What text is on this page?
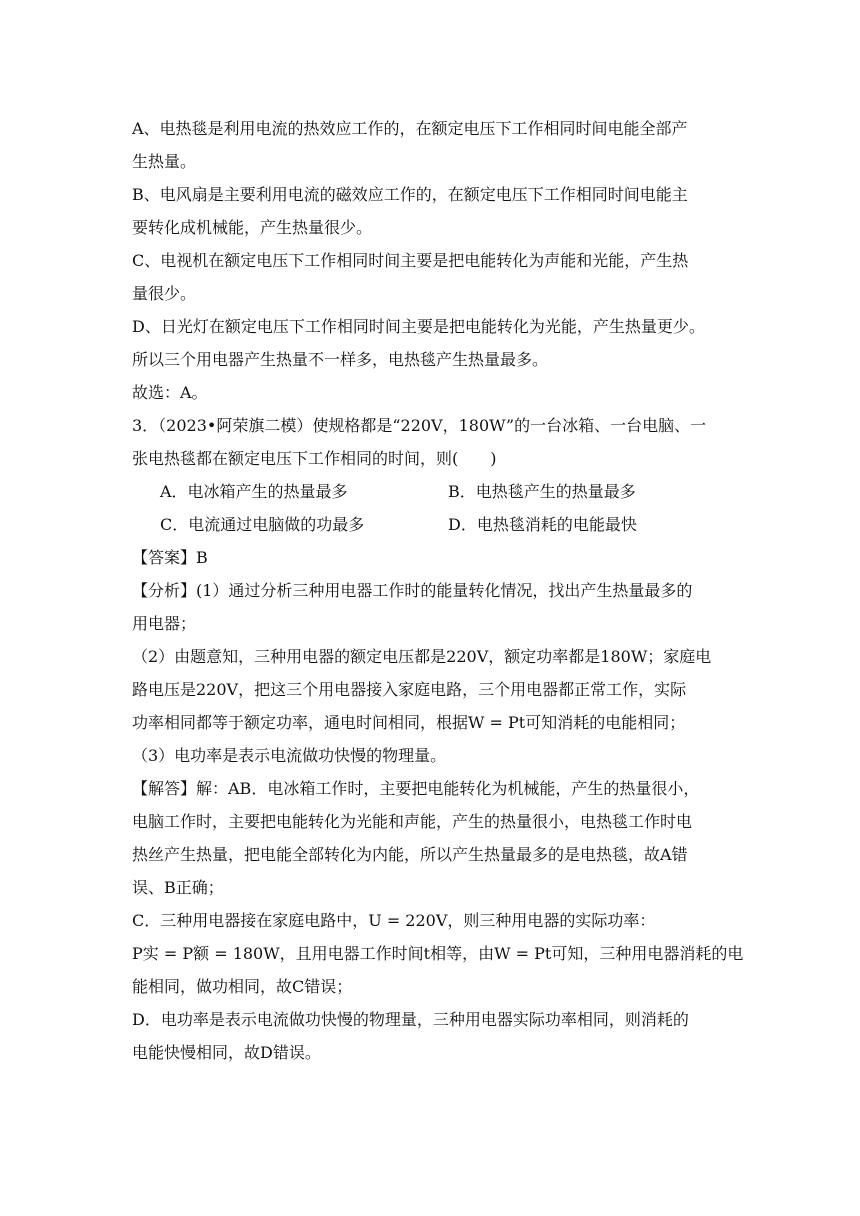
A、电热毯是利用电流的热效应工作的，在额定电压下工作相同时间电能全部产
生热量。
B、电风扇是主要利用电流的磁效应工作的，在额定电压下工作相同时间电能主
要转化成机械能，产生热量很少。
C、电视机在额定电压下工作相同时间主要是把电能转化为声能和光能，产生热
量很少。
D、日光灯在额定电压下工作相同时间主要是把电能转化为光能，产生热量更少。
所以三个用电器产生热量不一样多，电热毯产生热量最多。
故选：A。
3．（2023•阿荣旗二模）使规格都是“220V，180W”的一台冰箱、一台电脑、一
张电热毯都在额定电压下工作相同的时间，则(　　)
A．电冰箱产生的热量最多	B．电热毯产生的热量最多
C．电流通过电脑做的功最多	D．电热毯消耗的电能最快
【答案】B
【分析】(1）通过分析三种用电器工作时的能量转化情况，找出产生热量最多的
用电器；
（2）由题意知，三种用电器的额定电压都是220V，额定功率都是180W；家庭电
路电压是220V，把这三个用电器接入家庭电路，三个用电器都正常工作，实际
功率相同都等于额定功率，通电时间相同，根据W = Pt可知消耗的电能相同；
（3）电功率是表示电流做功快慢的物理量。
【解答】解：AB．电冰箱工作时，主要把电能转化为机械能，产生的热量很小，
电脑工作时，主要把电能转化为光能和声能，产生的热量很小，电热毯工作时电
热丝产生热量，把电能全部转化为内能，所以产生热量最多的是电热毯，故A错
误、B正确；
C．三种用电器接在家庭电路中，U = 220V，则三种用电器的实际功率：
P实 = P额 = 180W，且用电器工作时间t相等，由W = Pt可知，三种用电器消耗的电
能相同，做功相同，故C错误；
D．电功率是表示电流做功快慢的物理量，三种用电器实际功率相同，则消耗的
电能快慢相同，故D错误。
